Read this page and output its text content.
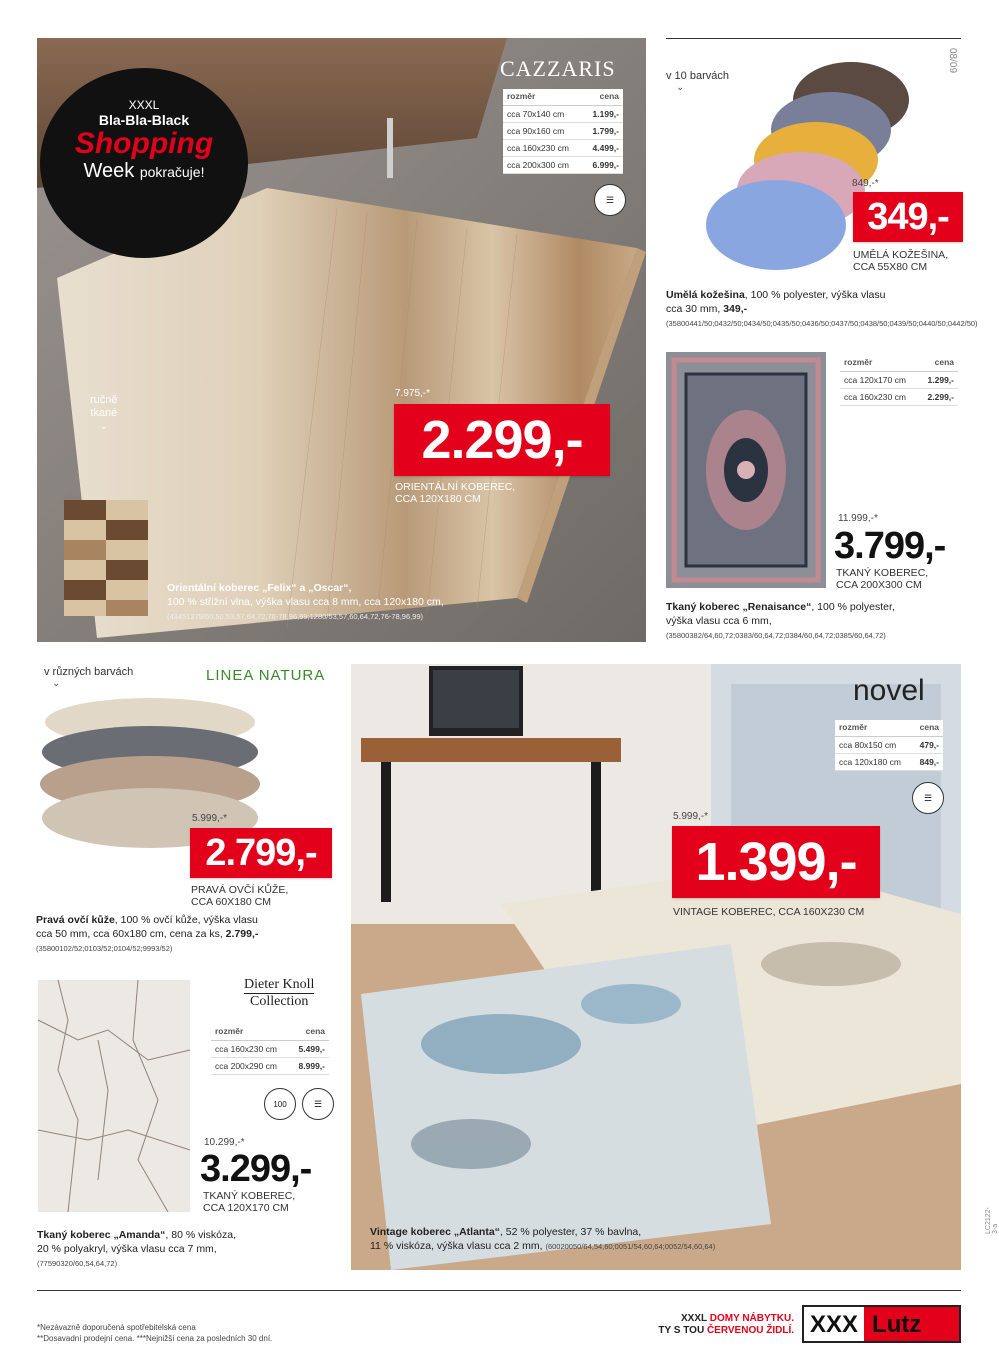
XXXL
Bla-Bla-Black
Shopping
Week pokračuje!
CAZZARIS
rozměr	cena
cca 70x140 cm	1.199,-
cca 90x160 cm	1.799,-
cca 160x230 cm	4.499,-
cca 200x300 cm	6.999,-
☰
ručně
tkané
⌄
7.975,-*
2.299,-
ORIENTÁLNÍ KOBEREC,
CCA 120X180 CM
Orientální koberec „Felix“ a „Oscar“,
100 % střižní vlna, výška vlasu cca 8 mm, cca 120x180 cm,
(43451279/60,50,53,57,64,72,76-78,96,99;1280/53,57,60,64,72,76-78,96,99)
08/09
v 10 barvách
⌄
849,-*
349,-
UMĚLÁ KOŽEŠINA,
CCA 55X80 CM
Umělá kožešina, 100 % polyester, výška vlasu
cca 30 mm, 349,- (35800441/50;0432/50;0434/50;0435/50;0436/50;0437/50;0438/50;0439/50;0440/50;0442/50)
rozměr	cena
cca 120x170 cm	1.299,-
cca 160x230 cm	2.299,-
11.999,-*
3.799,-
TKANÝ KOBEREC,
CCA 200X300 CM
Tkaný koberec „Renaisance“, 100 % polyester,
výška vlasu cca 6 mm, (35800382/64,60,72;0383/60,64,72;0384/60,64,72;0385/60,64,72)
v různých barvách
⌄	LINEA NATURA
5.999,-*
2.799,-
PRAVÁ OVČÍ KŮŽE,
CCA 60X180 CM
Pravá ovčí kůže, 100 % ovčí kůže, výška vlasu
cca 50 mm, cca 60x180 cm, cena za ks, 2.799,-
(35800102/52;0103/52;0104/52;9993/52)
Dieter Knoll
Collection
rozměr	cena
cca 160x230 cm	5.499,-
cca 200x290 cm	8.999,-
100	☰
10.299,-*
3.299,-
TKANÝ KOBEREC,
CCA 120X170 CM
Tkaný koberec „Amanda“, 80 % viskóza,
20 % polyakryl, výška vlasu cca 7 mm,
(77590320/60,54,64,72)
novel
rozměr	cena
cca 80x150 cm	479,-
cca 120x180 cm 849,-
☰
5.999,-*
1.399,-
VINTAGE KOBEREC, CCA 160X230 CM
Vintage koberec „Atlanta“, 52 % polyester, 37 % bavlna,
11 % viskóza, výška vlasu cca 2 mm, (60020050/64,54,60;0051/54,60,64;0052/54,60,64)
LC2122-3-a
*Nezávazně doporučená spotřebitelská cena
**Dosavadní prodejní cena. ***Nejnižší cena za posledních 30 dní.
XXXL DOMY NÁBYTKU.
TY S TOU ČERVENOU ŽIDLÍ. XXX Lutz
